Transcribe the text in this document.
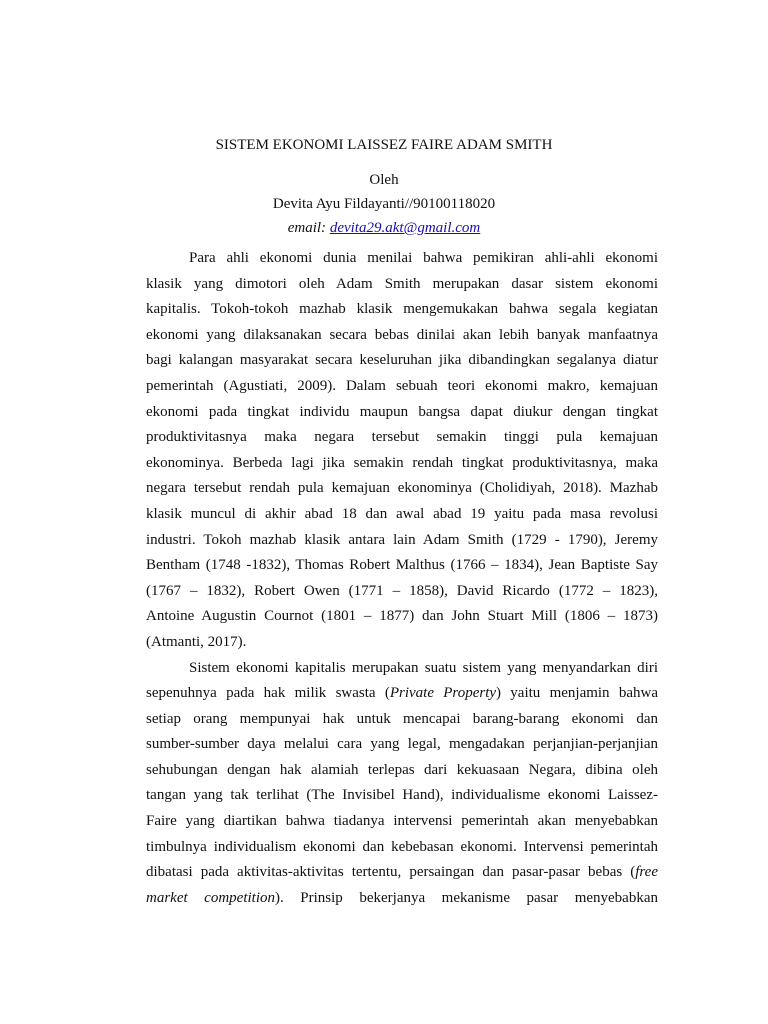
SISTEM EKONOMI LAISSEZ FAIRE ADAM SMITH
Oleh
Devita Ayu Fildayanti//90100118020
email: devita29.akt@gmail.com
Para ahli ekonomi dunia menilai bahwa pemikiran ahli-ahli ekonomi
klasik yang dimotori oleh Adam Smith merupakan dasar sistem ekonomi
kapitalis. Tokoh-tokoh mazhab klasik mengemukakan bahwa segala kegiatan
ekonomi yang dilaksanakan secara bebas dinilai akan lebih banyak manfaatnya
bagi kalangan masyarakat secara keseluruhan jika dibandingkan segalanya diatur
pemerintah (Agustiati, 2009). Dalam sebuah teori ekonomi makro, kemajuan
ekonomi pada tingkat individu maupun bangsa dapat diukur dengan tingkat
produktivitasnya maka negara tersebut semakin tinggi pula kemajuan
ekonominya. Berbeda lagi jika semakin rendah tingkat produktivitasnya, maka
negara tersebut rendah pula kemajuan ekonominya (Cholidiyah, 2018). Mazhab
klasik muncul di akhir abad 18 dan awal abad 19 yaitu pada masa revolusi
industri. Tokoh mazhab klasik antara lain Adam Smith (1729 - 1790), Jeremy
Bentham (1748 -1832), Thomas Robert Malthus (1766 – 1834), Jean Baptiste Say
(1767 – 1832), Robert Owen (1771 – 1858), David Ricardo (1772 – 1823),
Antoine Augustin Cournot (1801 – 1877) dan John Stuart Mill (1806 – 1873)
(Atmanti, 2017).
Sistem ekonomi kapitalis merupakan suatu sistem yang menyandarkan diri
sepenuhnya pada hak milik swasta (Private Property) yaitu menjamin bahwa
setiap orang mempunyai hak untuk mencapai barang-barang ekonomi dan
sumber-sumber daya melalui cara yang legal, mengadakan perjanjian-perjanjian
sehubungan dengan hak alamiah terlepas dari kekuasaan Negara, dibina oleh
tangan yang tak terlihat (The Invisibel Hand), individualisme ekonomi Laissez-
Faire yang diartikan bahwa tiadanya intervensi pemerintah akan menyebabkan
timbulnya individualism ekonomi dan kebebasan ekonomi. Intervensi pemerintah
dibatasi pada aktivitas-aktivitas tertentu, persaingan dan pasar-pasar bebas (free
market competition). Prinsip bekerjanya mekanisme pasar menyebabkan
